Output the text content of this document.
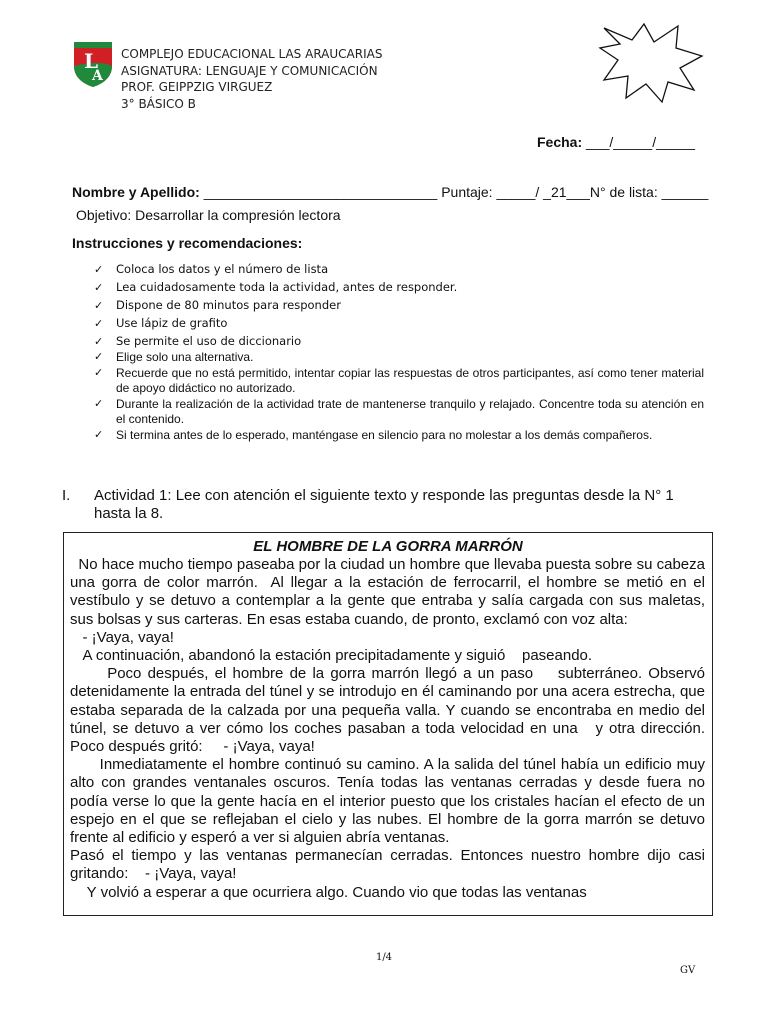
L
A
COMPLEJO EDUCACIONAL LAS ARAUCARIAS
ASIGNATURA: LENGUAJE Y COMUNICACIÓN
PROF. GEIPPZIG VIRGUEZ
3° BÁSICO B
Fecha: ___/_____/_____
Nombre y Apellido: ______________________________ Puntaje: _____/ _21___N° de lista: ______
Objetivo: Desarrollar la compresión lectora
Instrucciones y recomendaciones:
✓ Coloca los datos y el número de lista
✓ Lea cuidadosamente toda la actividad, antes de responder.
✓ Dispone de 80 minutos para responder
✓ Use lápiz de grafito
✓ Se permite el uso de diccionario
✓ Elige solo una alternativa.
✓ Recuerde que no está permitido, intentar copiar las respuestas de otros participantes, así como tener material de apoyo didáctico no autorizado.
✓ Durante la realización de la actividad trate de mantenerse tranquilo y relajado. Concentre toda su atención en el contenido.
✓ Si termina antes de lo esperado, manténgase en silencio para no molestar a los demás compañeros.
I. Actividad 1: Lee con atención el siguiente texto y responde las preguntas desde la N° 1 hasta la 8.
EL HOMBRE DE LA GORRA MARRÓN

No hace mucho tiempo paseaba por la ciudad un hombre que llevaba puesta sobre su cabeza una gorra de color marrón.  Al llegar a la estación de ferrocarril, el hombre se metió en el vestíbulo y se detuvo a contemplar a la gente que entraba y salía cargada con sus maletas, sus bolsas y sus carteras. En esas estaba cuando, de pronto, exclamó con voz alta:

- ¡Vaya, vaya!

A continuación, abandonó la estación precipitadamente y siguió    paseando.

Poco después, el hombre de la gorra marrón llegó a un paso    subterráneo. Observó detenidamente la entrada del túnel y se introdujo en él caminando por una acera estrecha, que estaba separada de la calzada por una pequeña valla. Y cuando se encontraba en medio del túnel, se detuvo a ver cómo los coches pasaban a toda velocidad en una   y otra dirección. Poco después gritó:     - ¡Vaya, vaya!

Inmediatamente el hombre continuó su camino. A la salida del túnel había un edificio muy alto con grandes ventanales oscuros. Tenía todas las ventanas cerradas y desde fuera no  podía verse lo que la gente hacía en el interior puesto que los cristales hacían el efecto de un espejo en el que se reflejaban el cielo y las nubes. El hombre de la gorra marrón se detuvo frente al edificio y esperó a ver si alguien abría ventanas.

Pasó el tiempo y las ventanas permanecían cerradas. Entonces nuestro hombre dijo casi gritando:    - ¡Vaya, vaya!

Y volvió a esperar a que ocurriera algo. Cuando vio que todas las ventanas

1/4
GV
